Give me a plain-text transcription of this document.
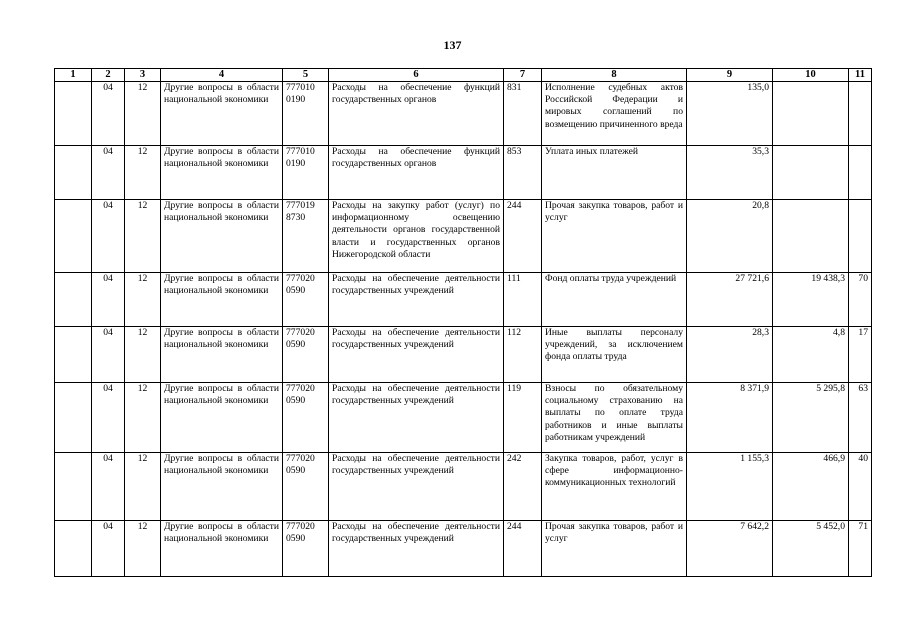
137
1	2	3	4	5	6	7	8	9	10	11
	04	12	Другие вопросы в области национальной экономики	777010 0190	Расходы на обеспечение функций государственных органов	831	Исполнение судебных актов Российской Федерации и мировых соглашений по возмещению причиненного вреда	135,0		
	04	12	Другие вопросы в области национальной экономики	777010 0190	Расходы на обеспечение функций государственных органов	853	Уплата иных платежей	35,3		
	04	12	Другие вопросы в области национальной экономики	777019 8730	Расходы на закупку работ (услуг) по информационному освещению деятельности органов государственной власти и государственных органов Нижегородской области	244	Прочая закупка товаров, работ и услуг	20,8		
	04	12	Другие вопросы в области национальной экономики	777020 0590	Расходы на обеспечение деятельности государственных учреждений	111	Фонд оплаты труда учреждений	27 721,6	19 438,3	70
	04	12	Другие вопросы в области национальной экономики	777020 0590	Расходы на обеспечение деятельности государственных учреждений	112	Иные выплаты персоналу учреждений, за исключением фонда оплаты труда	28,3	4,8	17
	04	12	Другие вопросы в области национальной экономики	777020 0590	Расходы на обеспечение деятельности государственных учреждений	119	Взносы по обязательному социальному страхованию на выплаты по оплате труда работников и иные выплаты работникам учреждений	8 371,9	5 295,8	63
	04	12	Другие вопросы в области национальной экономики	777020 0590	Расходы на обеспечение деятельности государственных учреждений	242	Закупка товаров, работ, услуг в сфере информационно-коммуникационных технологий	1 155,3	466,9	40
	04	12	Другие вопросы в области национальной экономики	777020 0590	Расходы на обеспечение деятельности государственных учреждений	244	Прочая закупка товаров, работ и услуг	7 642,2	5 452,0	71
